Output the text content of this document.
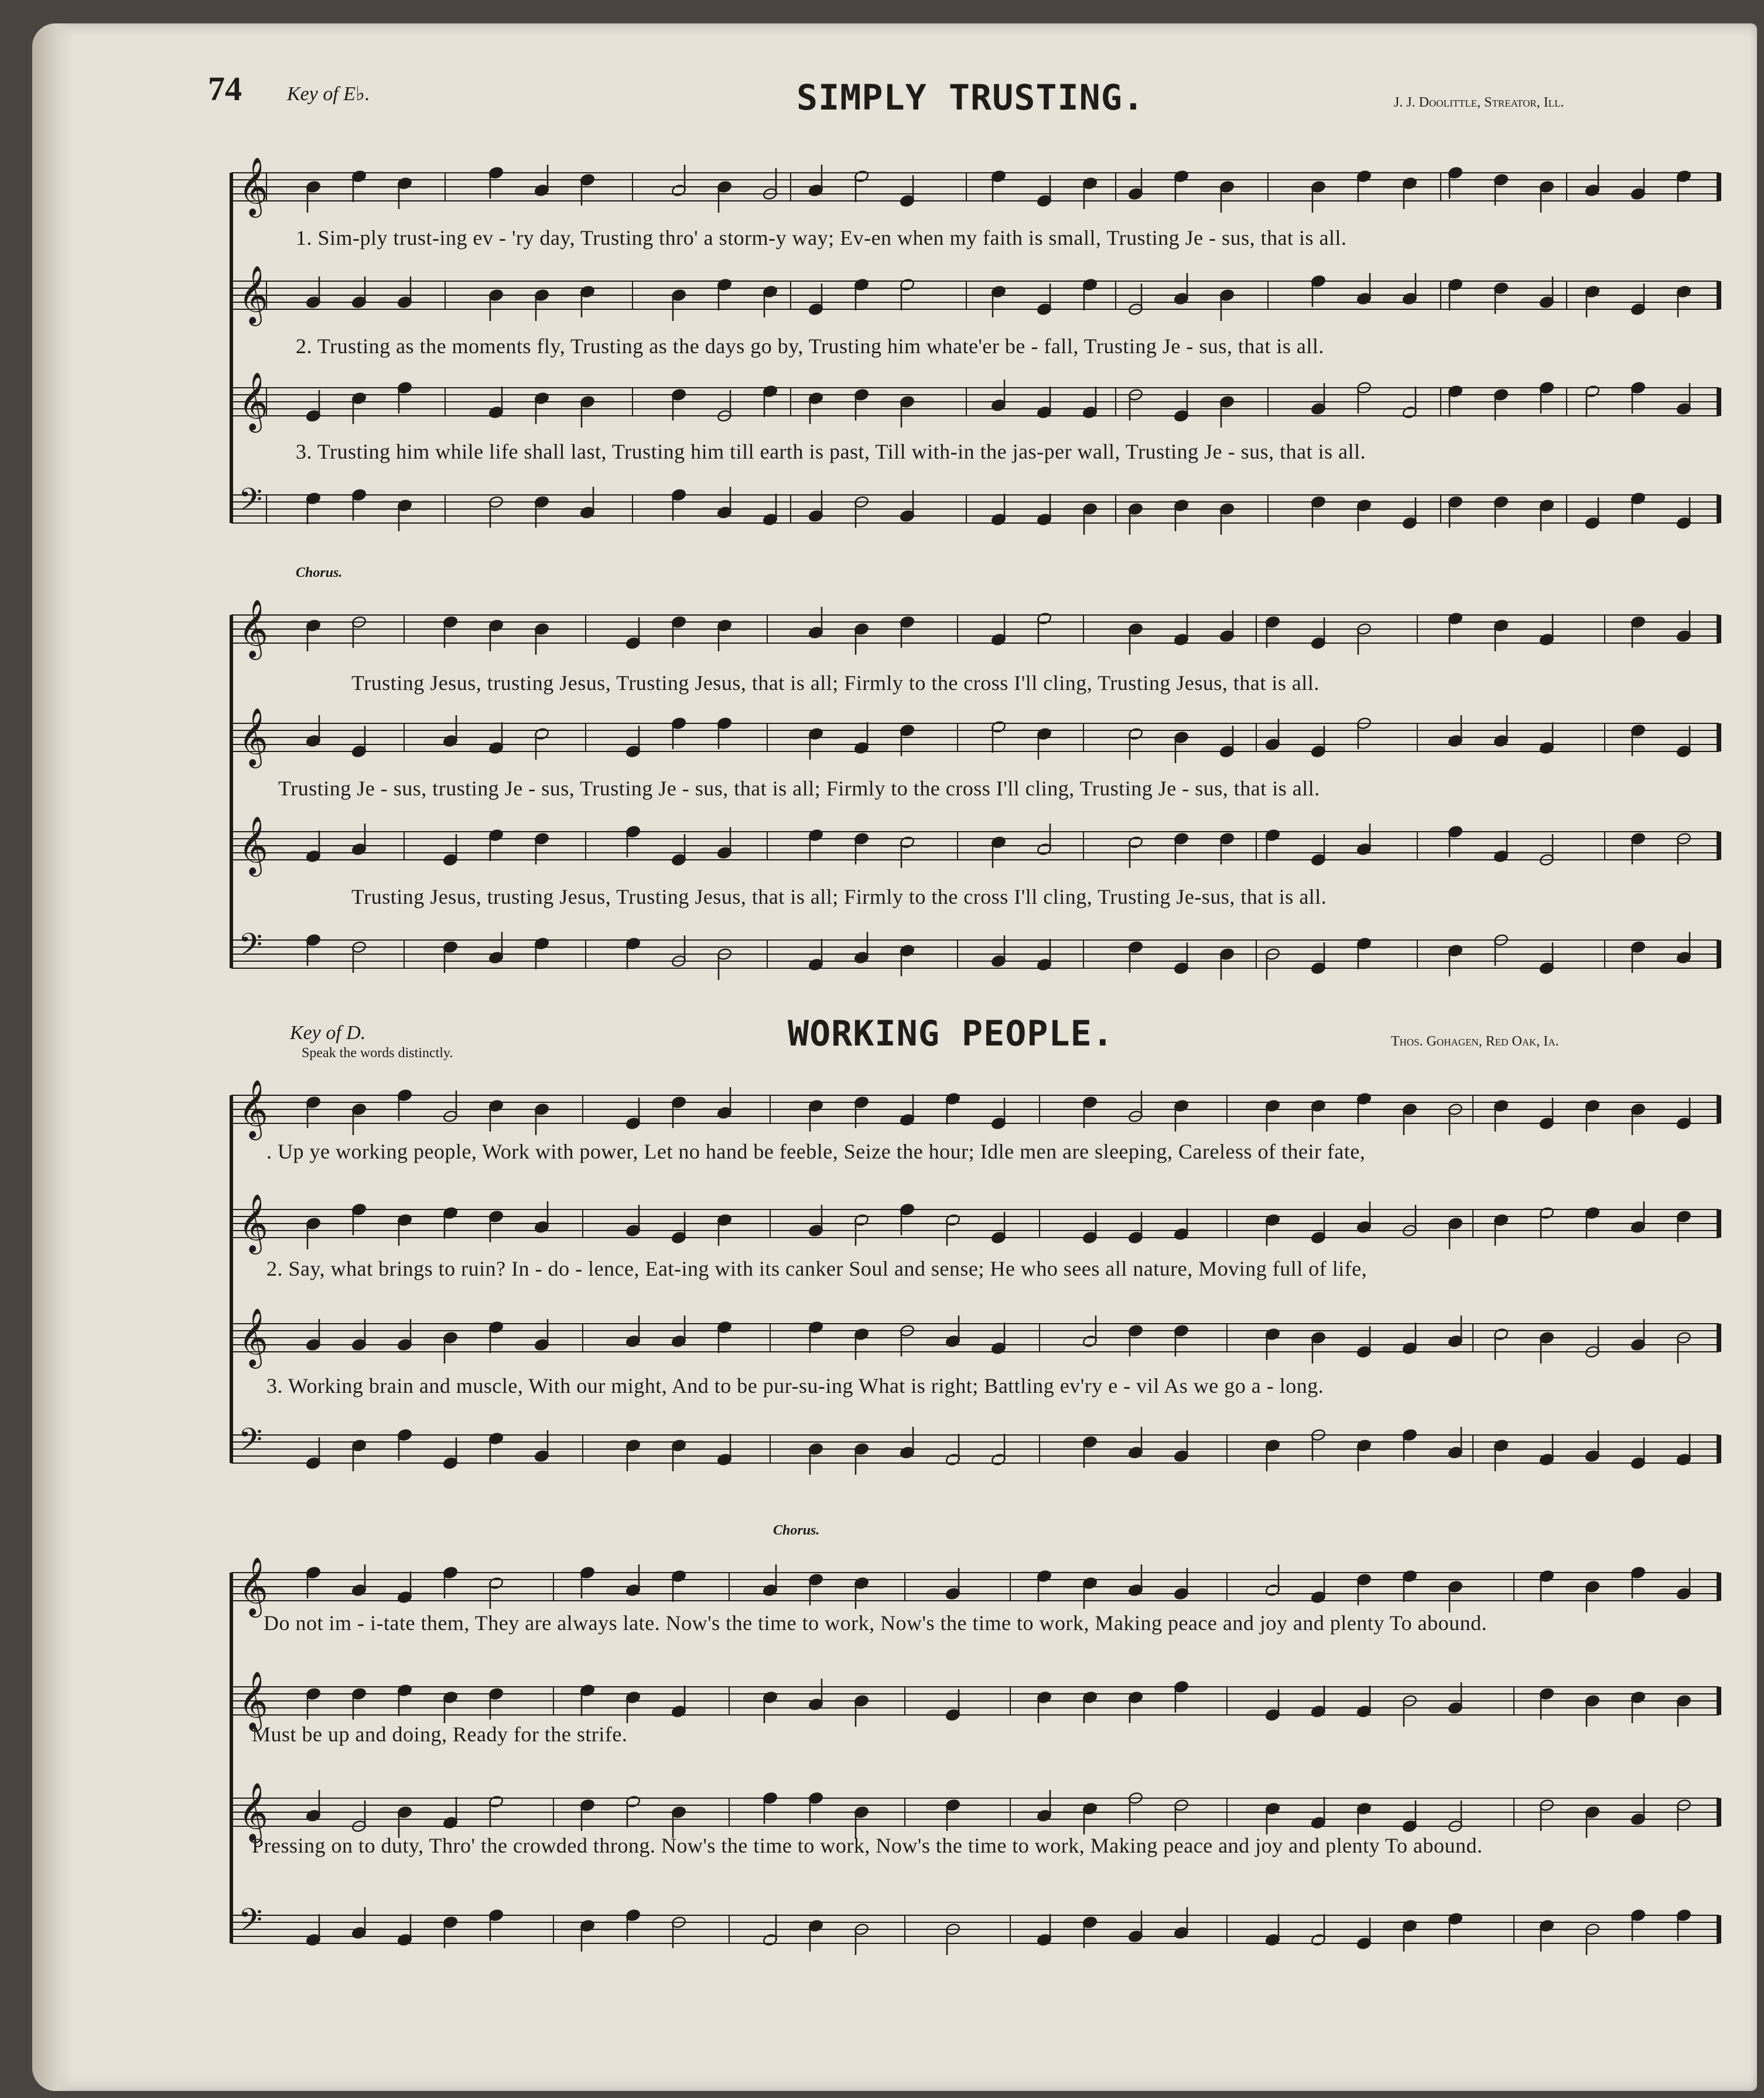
74 Key of E♭.	SIMPLY TRUSTING.	J. J. Doolittle, Streator, Ill.
Key of D.
Speak the words distinctly.	WORKING PEOPLE.	Thos. Gohagen, Red Oak, Ia.
Chorus.
Chorus.
1. Sim-ply trust-ing ev - 'ry day, Trusting thro' a storm-y way; Ev-en when my faith is small, Trusting Je - sus, that is all.
2. Trusting as the moments fly, Trusting as the days go by, Trusting him whate'er be - fall, Trusting Je - sus, that is all.
3. Trusting him while life shall last, Trusting him till earth is past, Till with-in the jas-per wall, Trusting Je - sus, that is all.
Trusting Jesus, trusting Jesus, Trusting Jesus, that is all; Firmly to the cross I'll cling, Trusting Jesus, that is all.
Trusting Je - sus, trusting Je - sus, Trusting Je - sus, that is all; Firmly to the cross I'll cling, Trusting Je - sus, that is all.
Trusting Jesus, trusting Jesus, Trusting Jesus, that is all; Firmly to the cross I'll cling, Trusting Je-sus, that is all.
. Up ye working people, Work with power, Let no hand be feeble, Seize the hour; Idle men are sleeping, Careless of their fate,
2. Say, what brings to ruin? In - do - lence, Eat-ing with its canker Soul and sense; He who sees all nature, Moving full of life,
3. Working brain and muscle, With our might, And to be pur-su-ing What is right; Battling ev'ry e - vil As we go a - long.
Do not im - i-tate them, They are always late. Now's the time to work, Now's the time to work, Making peace and joy and plenty To abound.
Must be up and doing, Ready for the strife.
Pressing on to duty, Thro' the crowded throng. Now's the time to work, Now's the time to work, Making peace and joy and plenty To abound.
𝄞
𝄞
𝄞
𝄢
𝄞
𝄞
𝄞
𝄢
𝄞
𝄞
𝄞
𝄢
𝄞
𝄞
𝄞
𝄢
